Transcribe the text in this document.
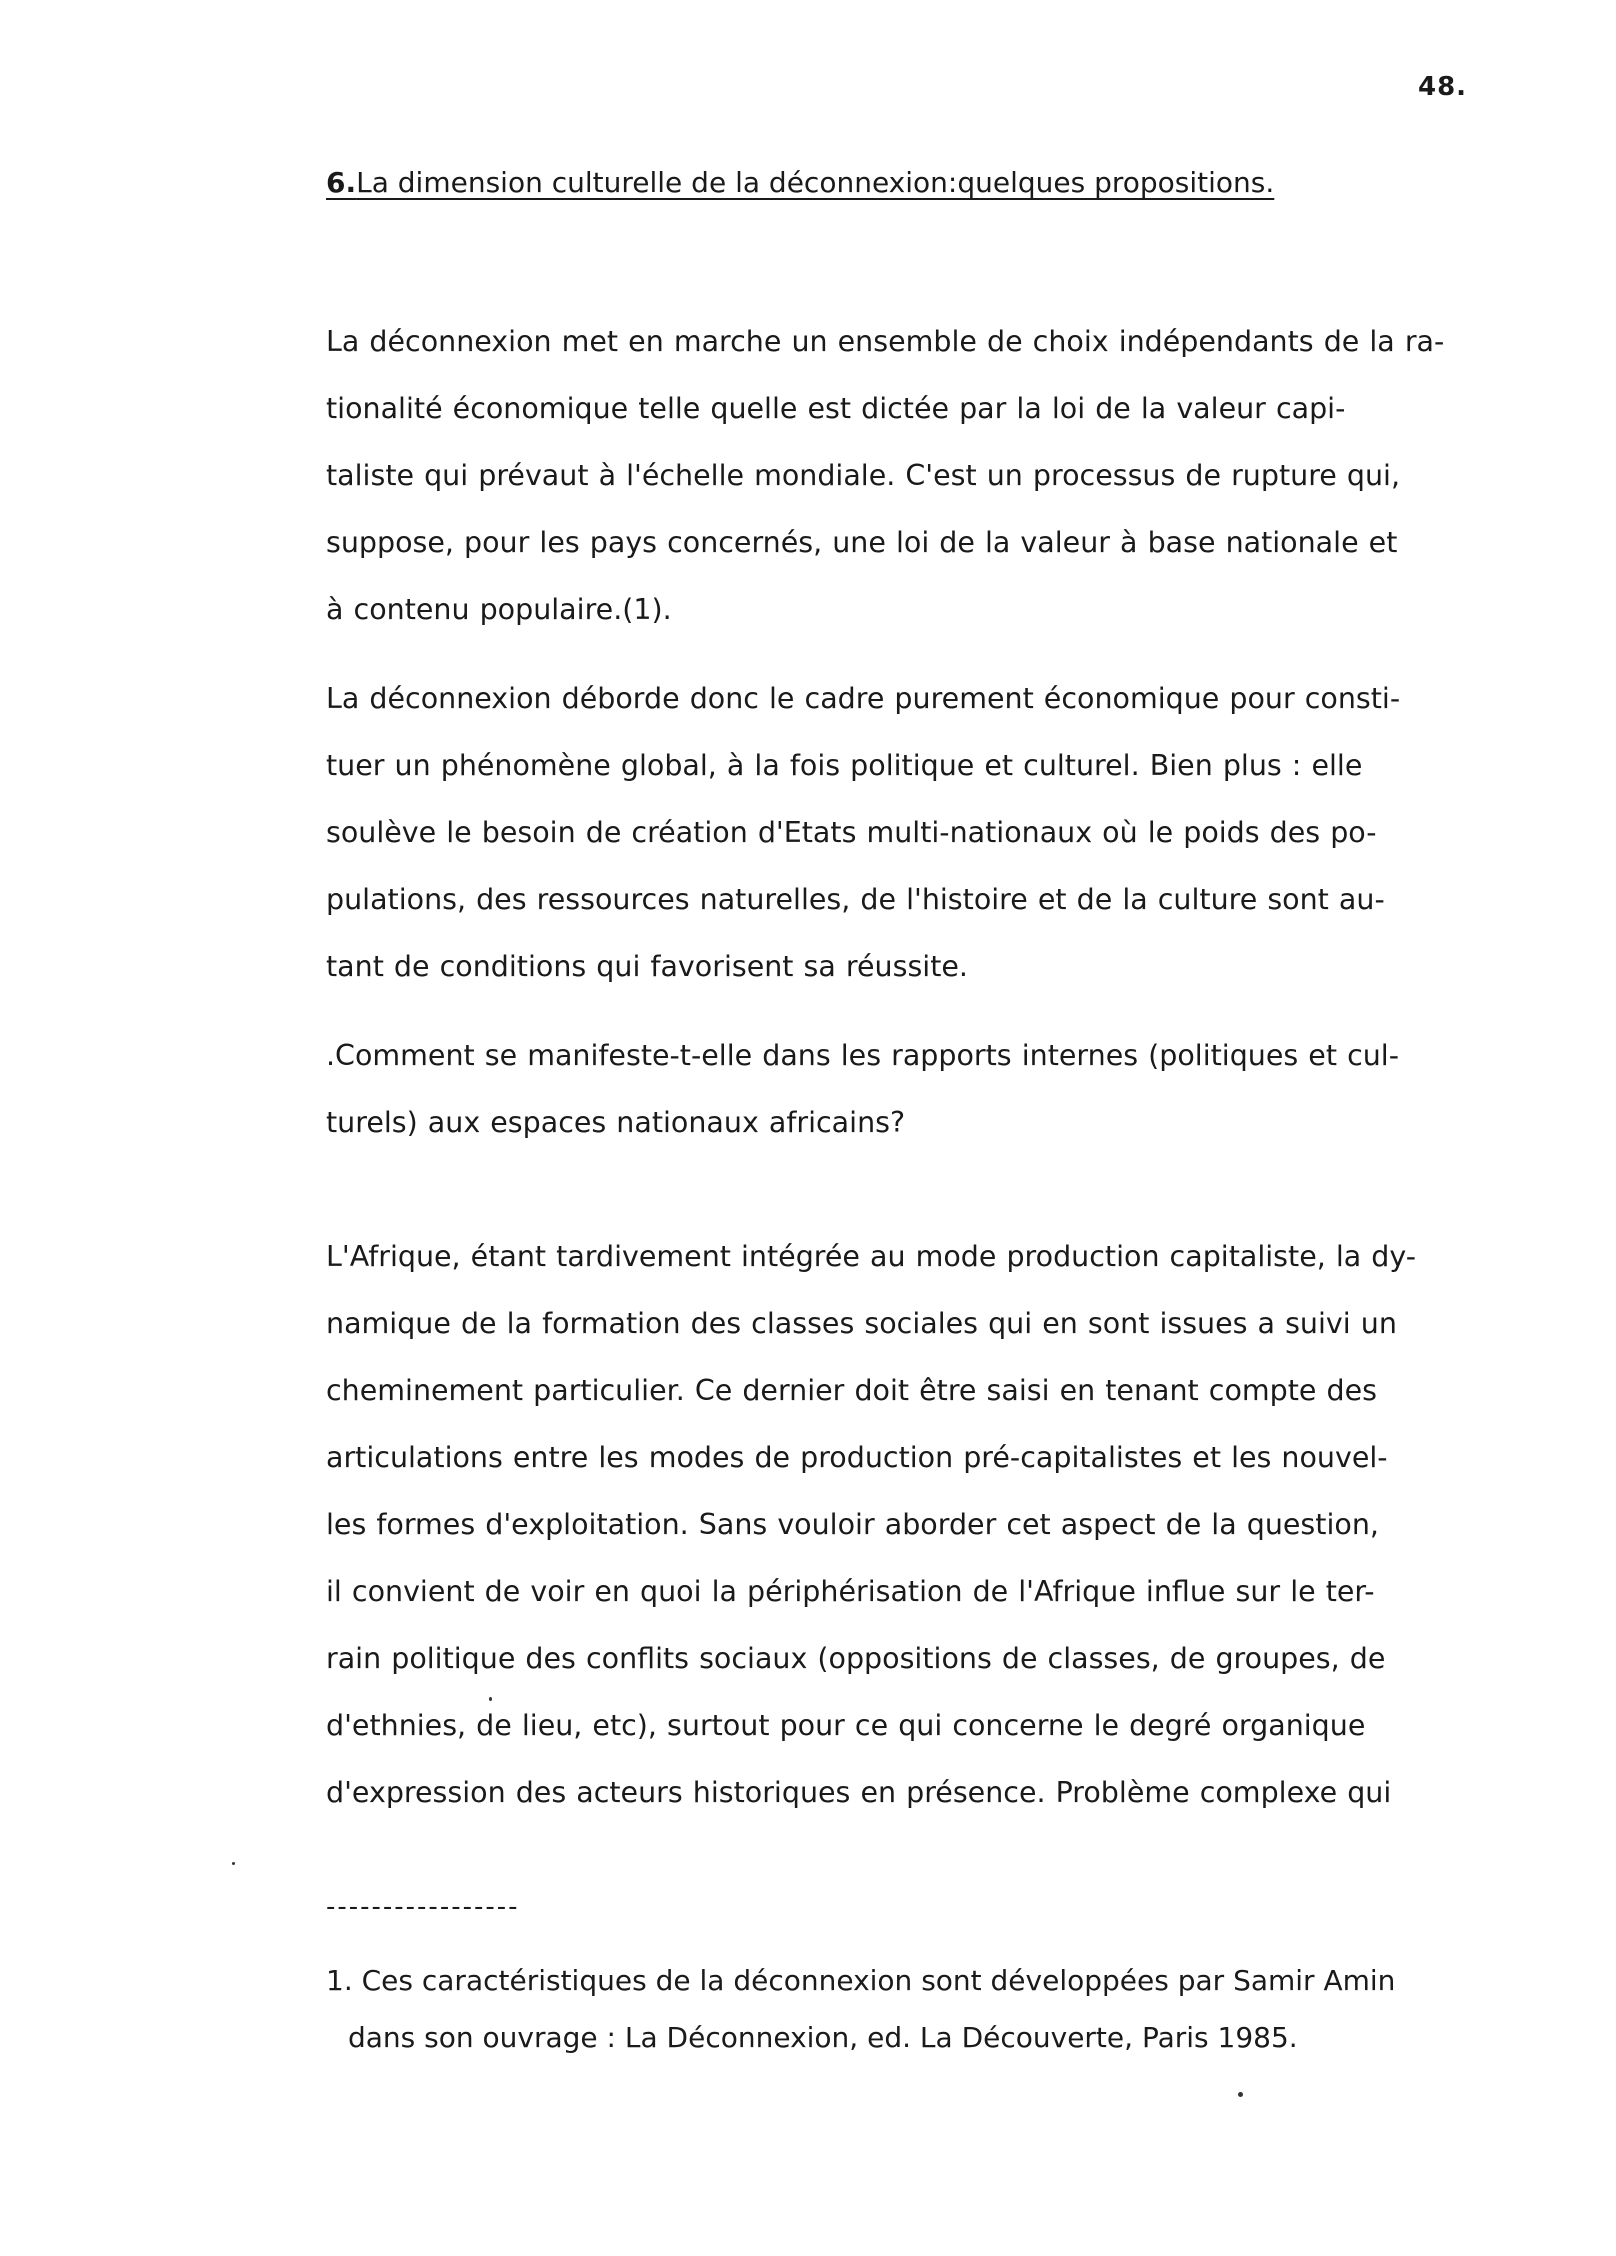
48.
6.La dimension culturelle de la déconnexion:quelques propositions.
La déconnexion met en marche un ensemble de choix indépendants de la ra-
tionalité économique telle quelle est dictée par la loi de la valeur capi-
taliste qui prévaut à l'échelle mondiale. C'est un processus de rupture qui,
suppose, pour les pays concernés, une loi de la valeur à base nationale et
à contenu populaire.(1).
La déconnexion déborde donc le cadre purement économique pour consti-
tuer un phénomène global, à la fois politique et culturel. Bien plus : elle
soulève le besoin de création d'Etats multi-nationaux où le poids des po-
pulations, des ressources naturelles, de l'histoire et de la culture sont au-
tant de conditions qui favorisent sa réussite.
.Comment se manifeste-t-elle dans les rapports internes (politiques et cul-
turels) aux espaces nationaux africains?
L'Afrique, étant tardivement intégrée au mode production capitaliste, la dy-
namique de la formation des classes sociales qui en sont issues a suivi un
cheminement particulier. Ce dernier doit être saisi en tenant compte des
articulations entre les modes de production pré-capitalistes et les nouvel-
les formes d'exploitation. Sans vouloir aborder cet aspect de la question,
il convient de voir en quoi la périphérisation de l'Afrique influe sur le ter-
rain politique des conflits sociaux (oppositions de classes, de groupes, de
d'ethnies, de lieu, etc), surtout pour ce qui concerne le degré organique
d'expression des acteurs historiques en présence. Problème complexe qui
-----------------
1. Ces caractéristiques de la déconnexion sont développées par Samir Amin
dans son ouvrage : La Déconnexion, ed. La Découverte, Paris 1985.
